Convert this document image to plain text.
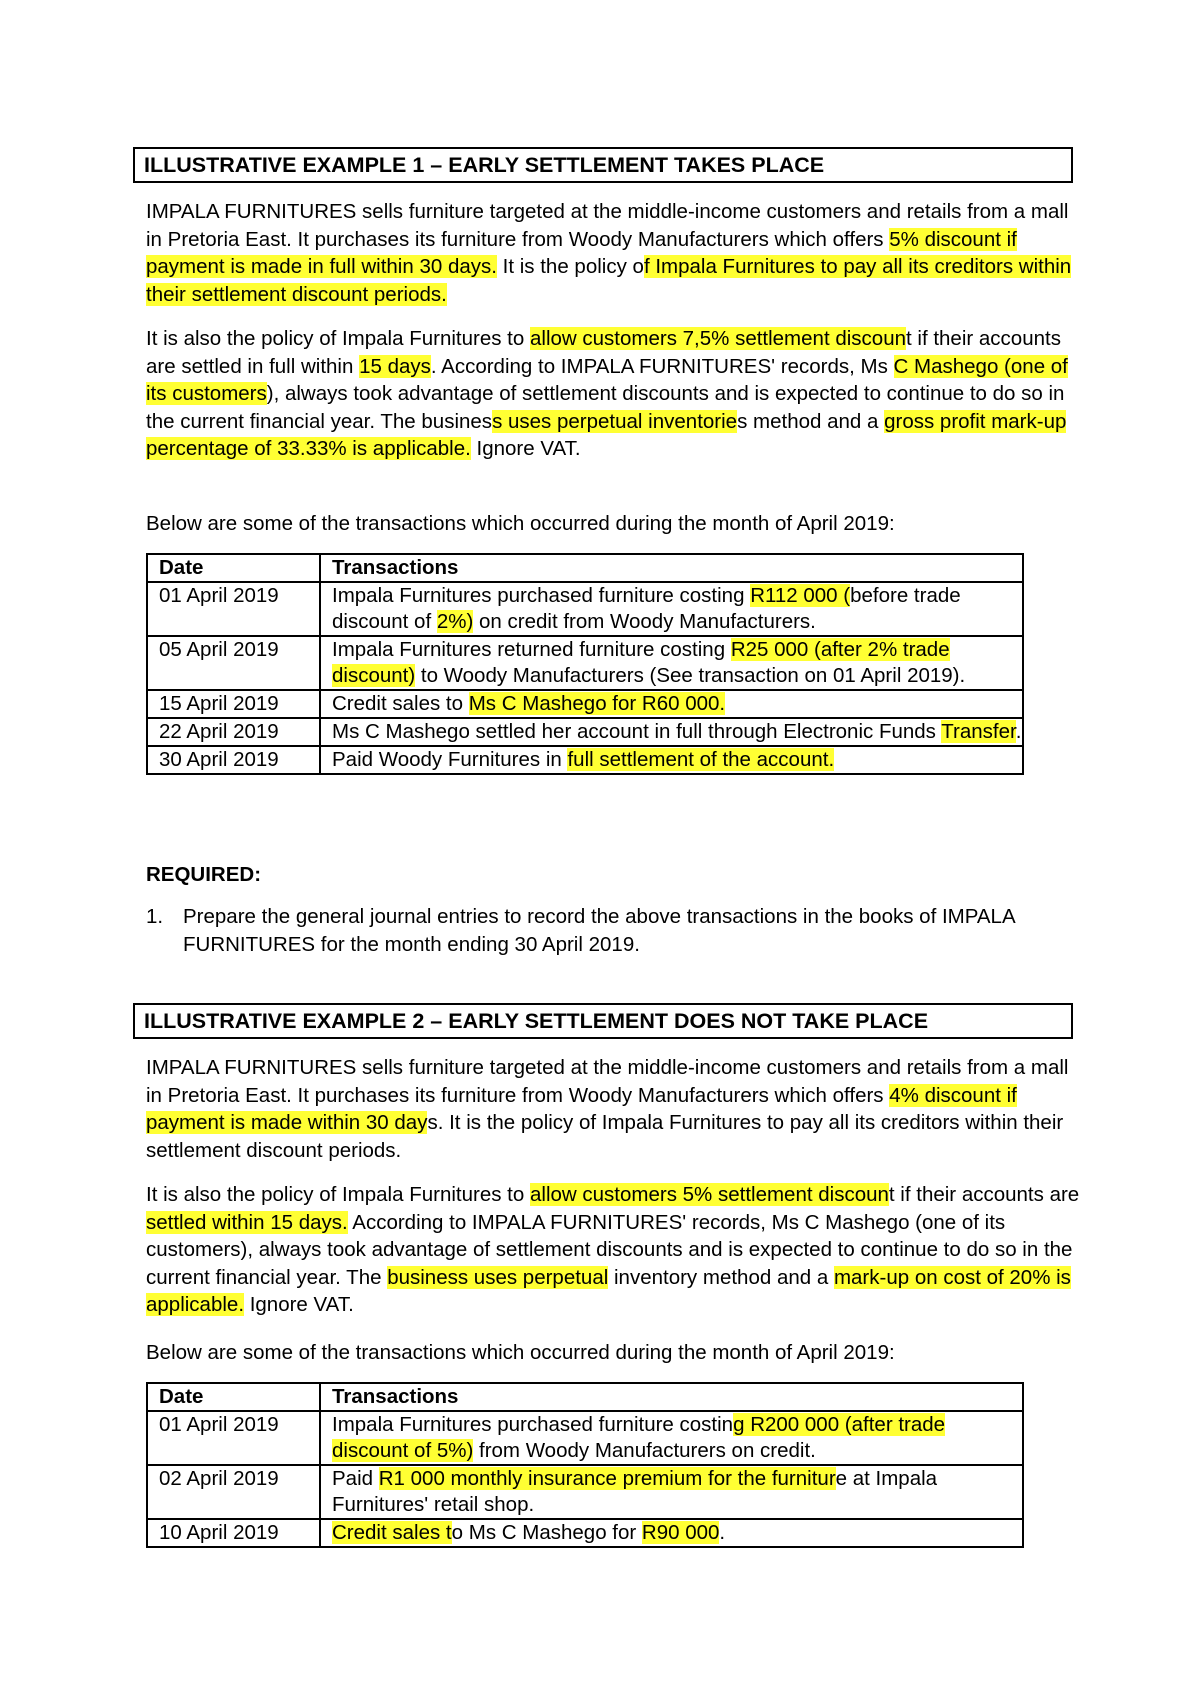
ILLUSTRATIVE EXAMPLE 1 – EARLY SETTLEMENT TAKES PLACE
IMPALA FURNITURES sells furniture targeted at the middle-income customers and retails from a mall in Pretoria East. It purchases its furniture from Woody Manufacturers which offers 5% discount if payment is made in full within 30 days. It is the policy of Impala Furnitures to pay all its creditors within their settlement discount periods.
It is also the policy of Impala Furnitures to allow customers 7,5% settlement discount if their accounts are settled in full within 15 days. According to IMPALA FURNITURES' records, Ms C Mashego (one of its customers), always took advantage of settlement discounts and is expected to continue to do so in the current financial year. The business uses perpetual inventories method and a gross profit mark-up percentage of 33.33% is applicable. Ignore VAT.
Below are some of the transactions which occurred during the month of April 2019:
Date	Transactions
01 April 2019	Impala Furnitures purchased furniture costing R112 000 (before trade discount of 2%) on credit from Woody Manufacturers.
05 April 2019	Impala Furnitures returned furniture costing R25 000 (after 2% trade discount) to Woody Manufacturers (See transaction on 01 April 2019).
15 April 2019	Credit sales to Ms C Mashego for R60 000.
22 April 2019	Ms C Mashego settled her account in full through Electronic Funds Transfer.
30 April 2019	Paid Woody Furnitures in full settlement of the account.
REQUIRED:
1. Prepare the general journal entries to record the above transactions in the books of IMPALA FURNITURES for the month ending 30 April 2019.
ILLUSTRATIVE EXAMPLE 2 – EARLY SETTLEMENT DOES NOT TAKE PLACE
IMPALA FURNITURES sells furniture targeted at the middle-income customers and retails from a mall in Pretoria East. It purchases its furniture from Woody Manufacturers which offers 4% discount if payment is made within 30 days. It is the policy of Impala Furnitures to pay all its creditors within their settlement discount periods.
It is also the policy of Impala Furnitures to allow customers 5% settlement discount if their accounts are settled within 15 days. According to IMPALA FURNITURES' records, Ms C Mashego (one of its customers), always took advantage of settlement discounts and is expected to continue to do so in the current financial year. The business uses perpetual inventory method and a mark-up on cost of 20% is applicable. Ignore VAT.
Below are some of the transactions which occurred during the month of April 2019:
Date	Transactions
01 April 2019	Impala Furnitures purchased furniture costing R200 000 (after trade discount of 5%) from Woody Manufacturers on credit.
02 April 2019	Paid R1 000 monthly insurance premium for the furniture at Impala Furnitures' retail shop.
10 April 2019	Credit sales to Ms C Mashego for R90 000.
